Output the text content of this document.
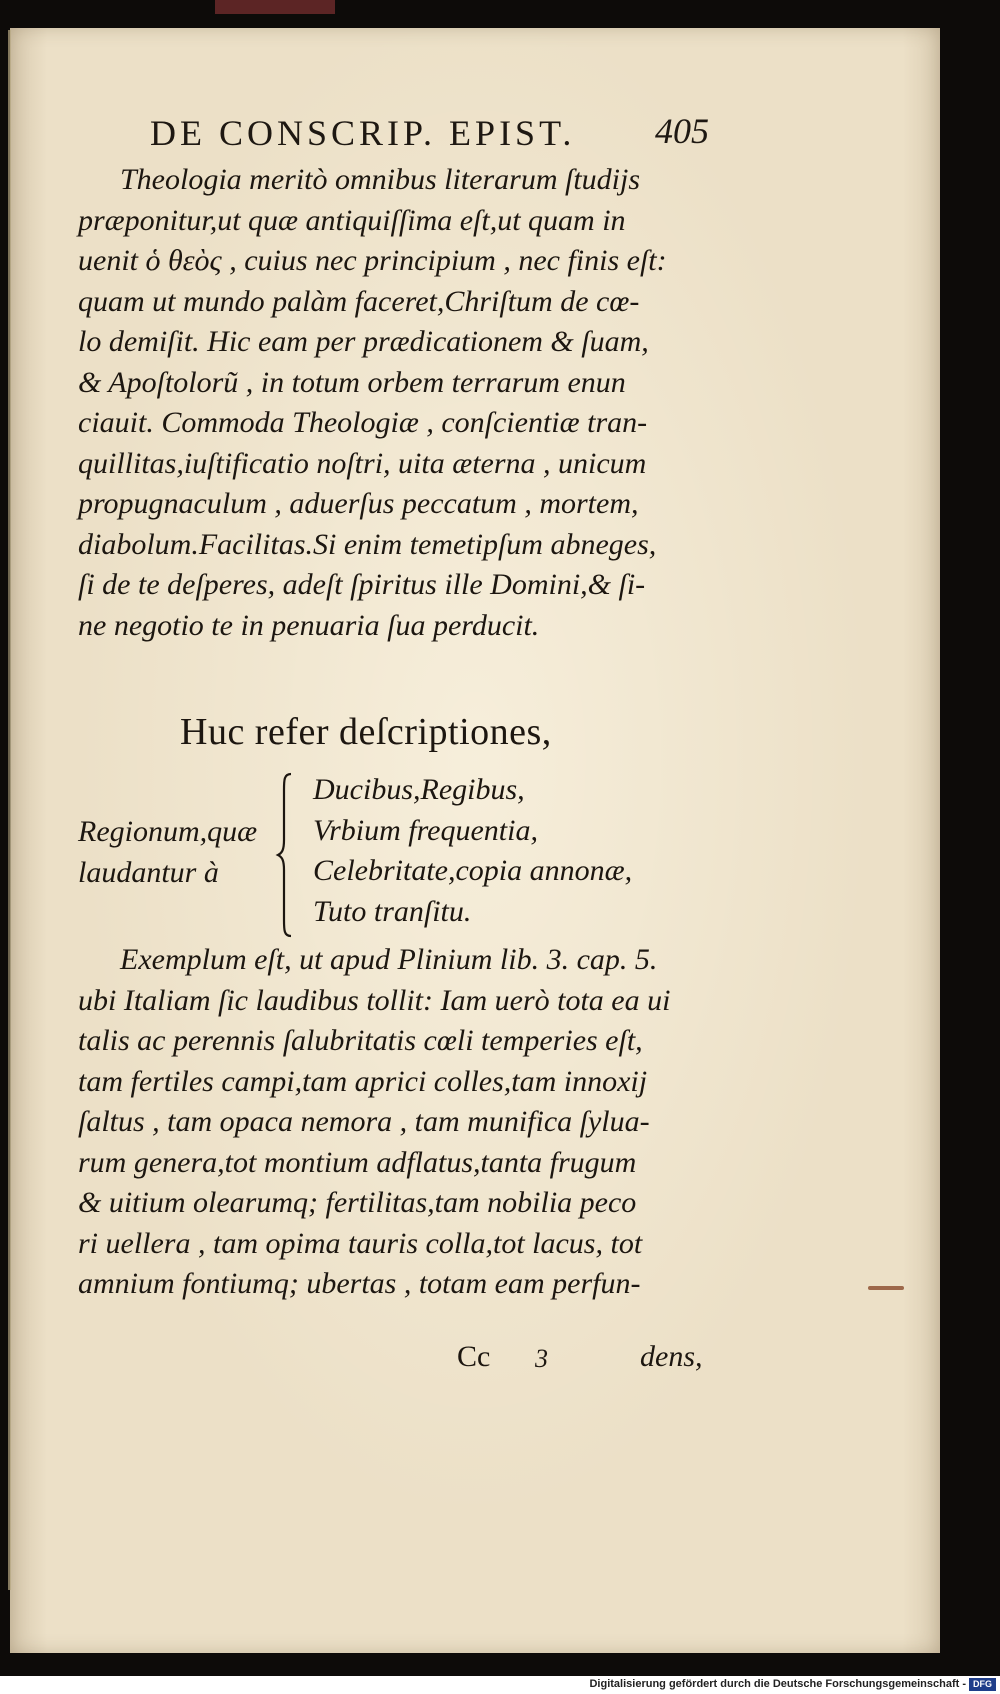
DE CONSCRIP. EPIST.	405
Theologia meritò omnibus literarum ſtudijs
præponitur,ut quæ antiquiſſima eſt,ut quam in
uenit ὁ θεὸς , cuius nec principium , nec finis eſt:
quam ut mundo palàm faceret,Chriſtum de cœ-
lo demiſit. Hic eam per prædicationem & ſuam,
& Apoſtolorũ , in totum orbem terrarum enun
ciauit. Commoda Theologiæ , conſcientiæ tran-
quillitas,iuſtificatio noſtri, uita æterna , unicum
propugnaculum , aduerſus peccatum , mortem,
diabolum.Facilitas.Si enim temetipſum abneges,
ſi de te deſperes, adeſt ſpiritus ille Domini,& ſi-
ne negotio te in penuaria ſua perducit.
Huc refer deſcriptiones,
Regionum,quæ
laudantur à
Ducibus,Regibus,
Vrbium frequentia,
Celebritate,copia annonæ,
Tuto tranſitu.
Exemplum eſt, ut apud Plinium lib. 3. cap. 5.
ubi Italiam ſic laudibus tollit: Iam uerò tota ea ui
talis ac perennis ſalubritatis cœli temperies eſt,
tam fertiles campi,tam aprici colles,tam innoxij
ſaltus , tam opaca nemora , tam munifica ſylua-
rum genera,tot montium adflatus,tanta frugum
& uitium olearumq; fertilitas,tam nobilia peco
ri uellera , tam opima tauris colla,tot lacus, tot
amnium fontiumq; ubertas , totam eam perfun-
Cc 3	dens,
Digitalisierung gefördert durch die Deutsche Forschungsgemeinschaft - DFG
